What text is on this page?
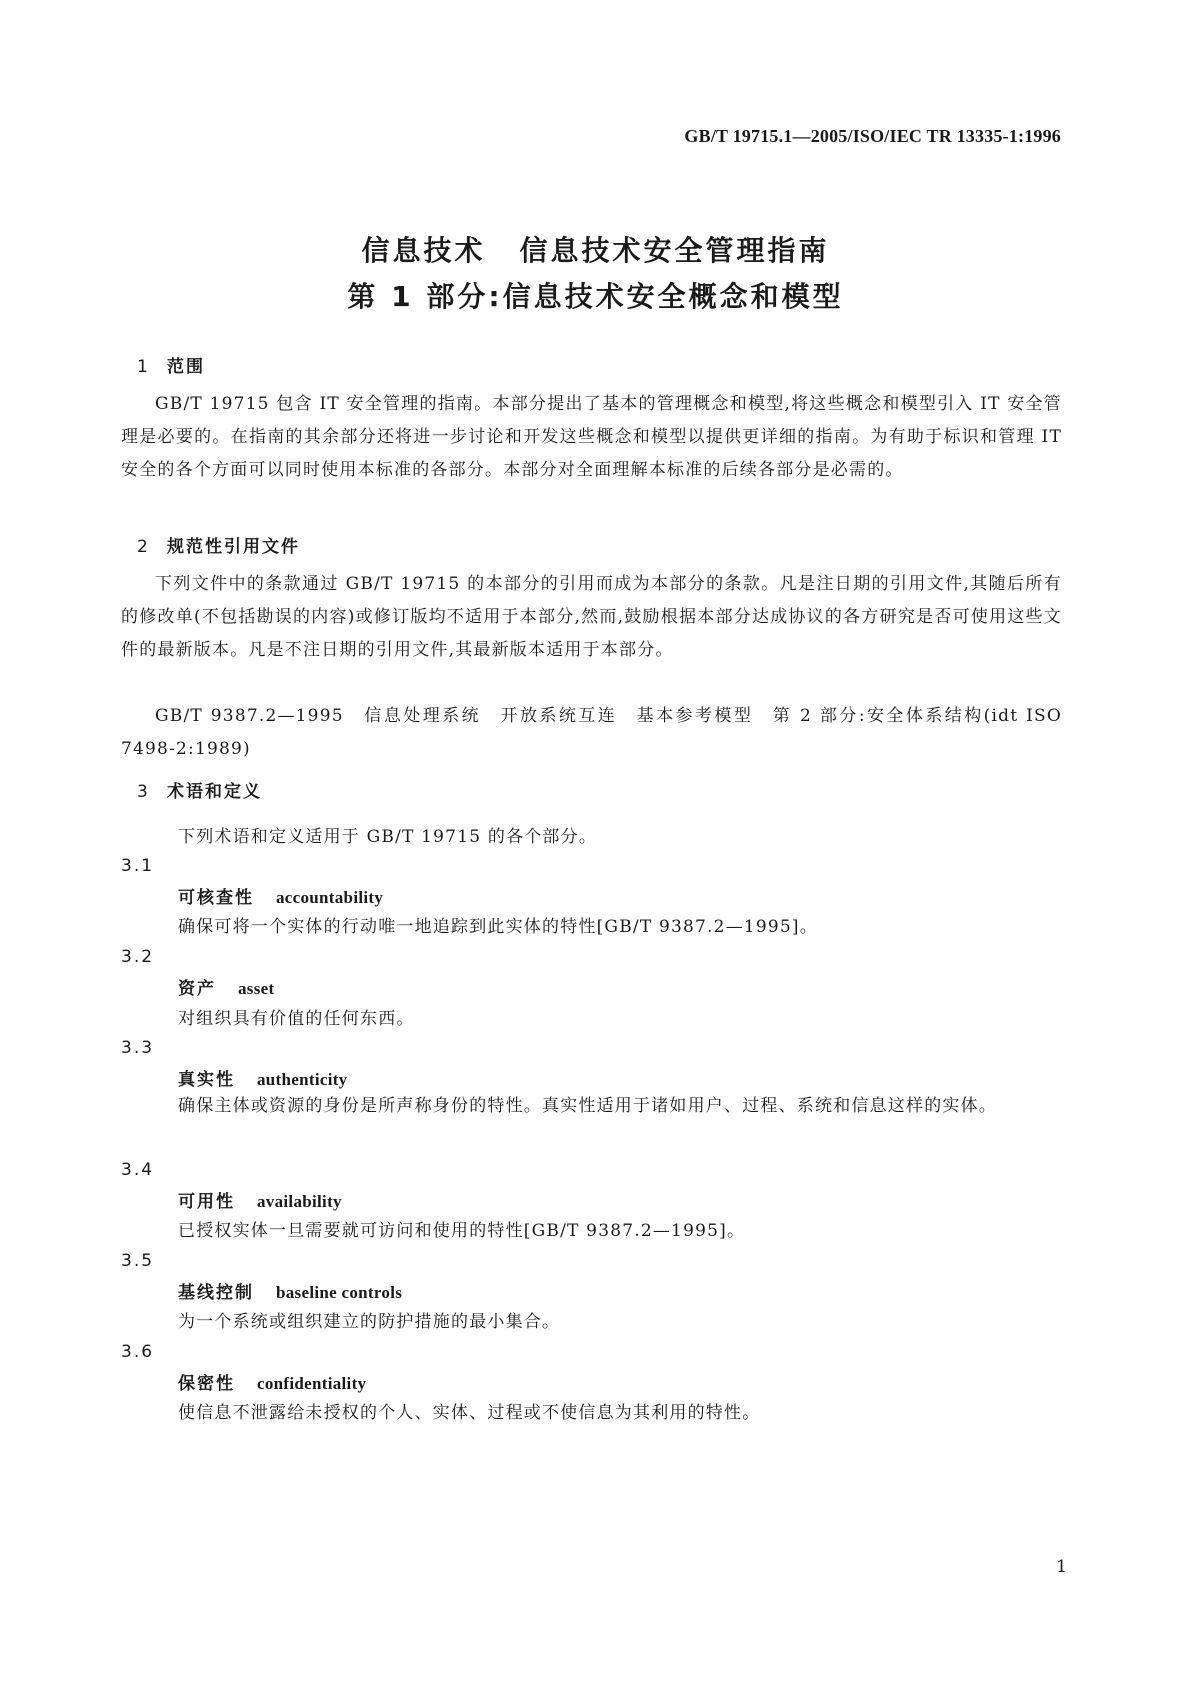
GB/T 19715.1—2005/ISO/IEC TR 13335-1:1996
信息技术 信息技术安全管理指南
第 1 部分:信息技术安全概念和模型
1 范围
GB/T 19715 包含 IT 安全管理的指南。本部分提出了基本的管理概念和模型,将这些概念和模型引入 IT 安全管理是必要的。在指南的其余部分还将进一步讨论和开发这些概念和模型以提供更详细的指南。为有助于标识和管理 IT 安全的各个方面可以同时使用本标准的各部分。本部分对全面理解本标准的后续各部分是必需的。
2 规范性引用文件
下列文件中的条款通过 GB/T 19715 的本部分的引用而成为本部分的条款。凡是注日期的引用文件,其随后所有的修改单(不包括勘误的内容)或修订版均不适用于本部分,然而,鼓励根据本部分达成协议的各方研究是否可使用这些文件的最新版本。凡是不注日期的引用文件,其最新版本适用于本部分。
GB/T 9387.2—1995　信息处理系统　开放系统互连　基本参考模型　第 2 部分:安全体系结构(idt ISO 7498-2:1989)
3 术语和定义
下列术语和定义适用于 GB/T 19715 的各个部分。
3.1
可核查性 accountability
确保可将一个实体的行动唯一地追踪到此实体的特性[GB/T 9387.2—1995]。
3.2
资产 asset
对组织具有价值的任何东西。
3.3
真实性 authenticity
确保主体或资源的身份是所声称身份的特性。真实性适用于诸如用户、过程、系统和信息这样的实体。
3.4
可用性 availability
已授权实体一旦需要就可访问和使用的特性[GB/T 9387.2—1995]。
3.5
基线控制 baseline controls
为一个系统或组织建立的防护措施的最小集合。
3.6
保密性 confidentiality
使信息不泄露给未授权的个人、实体、过程或不使信息为其利用的特性。
1
